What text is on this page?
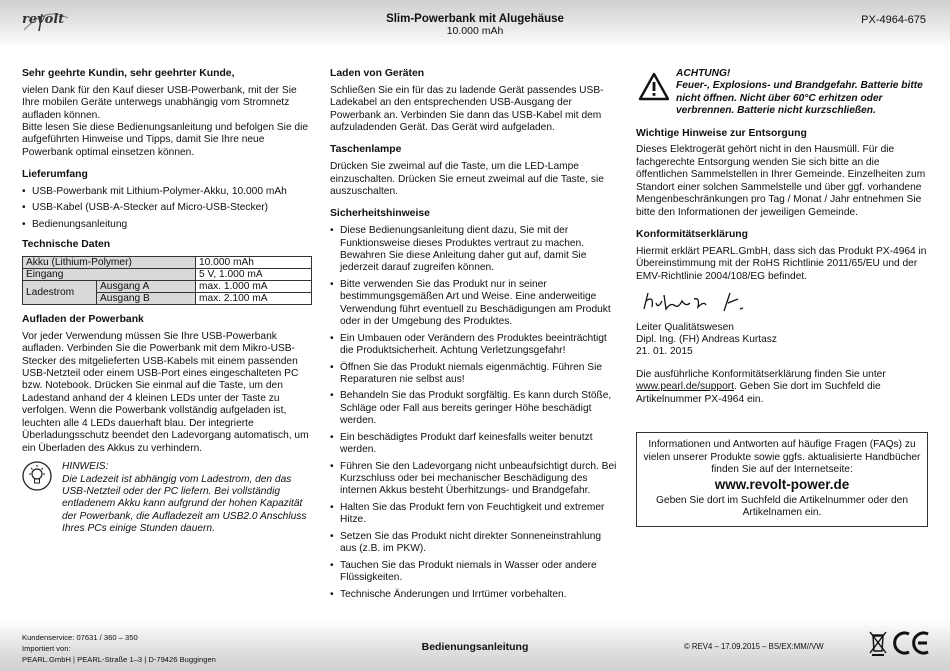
revolt	Slim-Powerbank mit Alugehäuse
10.000 mAh
PX-4964-675
Sehr geehrte Kundin, sehr geehrter Kunde,

vielen Dank für den Kauf dieser USB-Powerbank, mit der Sie Ihre mobilen Geräte unterwegs unabhängig vom Stromnetz aufladen können.

Bitte lesen Sie diese Bedienungsanleitung und befolgen Sie die aufgeführten Hinweise und Tipps, damit Sie Ihre neue Powerbank optimal einsetzen können.

Lieferumfang
• USB-Powerbank mit Lithium-Polymer-Akku, 10.000 mAh
• USB-Kabel (USB-A-Stecker auf Micro-USB-Stecker)
• Bedienungsanleitung
Technische Daten
Akku (Lithium-Polymer)		10.000 mAh
Eingang		5 V, 1.000 mA
Ladestrom	Ausgang A	max. 1.000 mA
	Ausgang B	max. 2.100 mA
Aufladen der Powerbank

Vor jeder Verwendung müssen Sie Ihre USB-Powerbank aufladen. Verbinden Sie die Powerbank mit dem Mikro-USB-Stecker des mitgelieferten USB-Kabels mit einem passenden USB-Netzteil oder einem USB-Port eines eingeschalteten PC bzw. Notebook. Drücken Sie einmal auf die Taste, um den Ladestand anhand der 4 kleinen LEDs unter der Taste zu verfolgen. Wenn die Powerbank vollständig aufgeladen ist, leuchten alle 4 LEDs dauerhaft blau. Der integrierte Überladungsschutz beendet den Ladevorgang automatisch, um ein Überladen des Akkus zu verhindern.

HINWEIS:

Die Ladezeit ist abhängig vom Ladestrom, den das USB-Netzteil oder der PC liefern. Bei vollständig entladenem Akku kann aufgrund der hohen Kapazität der Powerbank, die Aufladezeit am USB2.0 Anschluss Ihres PCs einige Stunden dauern.

Laden von Geräten

Schließen Sie ein für das zu ladende Gerät passendes USB-Ladekabel an den entsprechenden USB-Ausgang der Powerbank an. Verbinden Sie dann das USB-Kabel mit dem aufzuladenden Gerät. Das Gerät wird aufgeladen.

Taschenlampe

Drücken Sie zweimal auf die Taste, um die LED-Lampe einzuschalten. Drücken Sie erneut zweimal auf die Taste, sie auszuschalten.

Sicherheitshinweise
• Diese Bedienungsanleitung dient dazu, Sie mit der Funktionsweise dieses Produktes vertraut zu machen. Bewahren Sie diese Anleitung daher gut auf, damit Sie jederzeit darauf zugreifen können.
• Bitte verwenden Sie das Produkt nur in seiner bestimmungsgemäßen Art und Weise. Eine anderweitige Verwendung führt eventuell zu Beschädigungen am Produkt oder in der Umgebung des Produktes.
• Ein Umbauen oder Verändern des Produktes beeinträchtigt die Produktsicherheit. Achtung Verletzungsgefahr!
• Öffnen Sie das Produkt niemals eigenmächtig. Führen Sie Reparaturen nie selbst aus!
• Behandeln Sie das Produkt sorgfältig. Es kann durch Stöße, Schläge oder Fall aus bereits geringer Höhe beschädigt werden.
• Ein beschädigtes Produkt darf keinesfalls weiter benutzt werden.
• Führen Sie den Ladevorgang nicht unbeaufsichtigt durch. Bei Kurzschluss oder bei mechanischer Beschädigung des internen Akkus besteht Überhitzungs- und Brandgefahr.
• Halten Sie das Produkt fern von Feuchtigkeit und extremer Hitze.
• Setzen Sie das Produkt nicht direkter Sonneneinstrahlung aus (z.B. im PKW).
• Tauchen Sie das Produkt niemals in Wasser oder andere Flüssigkeiten.
• Technische Änderungen und Irrtümer vorbehalten.

ACHTUNG!

Feuer-, Explosions- und Brandgefahr. Batterie bitte nicht öffnen. Nicht über 60°C erhitzen oder verbrennen. Batterie nicht kurzschließen.

Wichtige Hinweise zur Entsorgung

Dieses Elektrogerät gehört nicht in den Hausmüll. Für die fachgerechte Entsorgung wenden Sie sich bitte an die öffentlichen Sammelstellen in Ihrer Gemeinde. Einzelheiten zum Standort einer solchen Sammelstelle und über ggf. vorhandene Mengenbeschränkungen pro Tag / Monat / Jahr entnehmen Sie bitte den Informationen der jeweiligen Gemeinde.

Konformitätserklärung

Hiermit erklärt PEARL.GmbH, dass sich das Produkt PX-4964 in Übereinstimmung mit der RoHS Richtlinie 2011/65/EU und der EMV-Richtlinie 2004/108/EG befindet.

Leiter Qualitätswesen

Dipl. Ing. (FH) Andreas Kurtasz

21. 01. 2015

Die ausführliche Konformitätserklärung finden Sie unter www.pearl.de/support. Geben Sie dort im Suchfeld die Artikelnummer PX-4964 ein.

Informationen und Antworten auf häufige Fragen (FAQs) zu vielen unserer Produkte sowie ggfs. aktualisierte Handbücher finden Sie auf der Internetseite:

www.revolt-power.de

Geben Sie dort im Suchfeld die Artikelnummer oder den Artikelnamen ein.

Kundenservice: 07631 / 360 – 350
Importiert von:
PEARL.GmbH | PEARL-Straße 1–3 | D-79426 Buggingen
Bedienungsanleitung	© REV4 – 17.09.2015 – BS/EX:MM//VW
